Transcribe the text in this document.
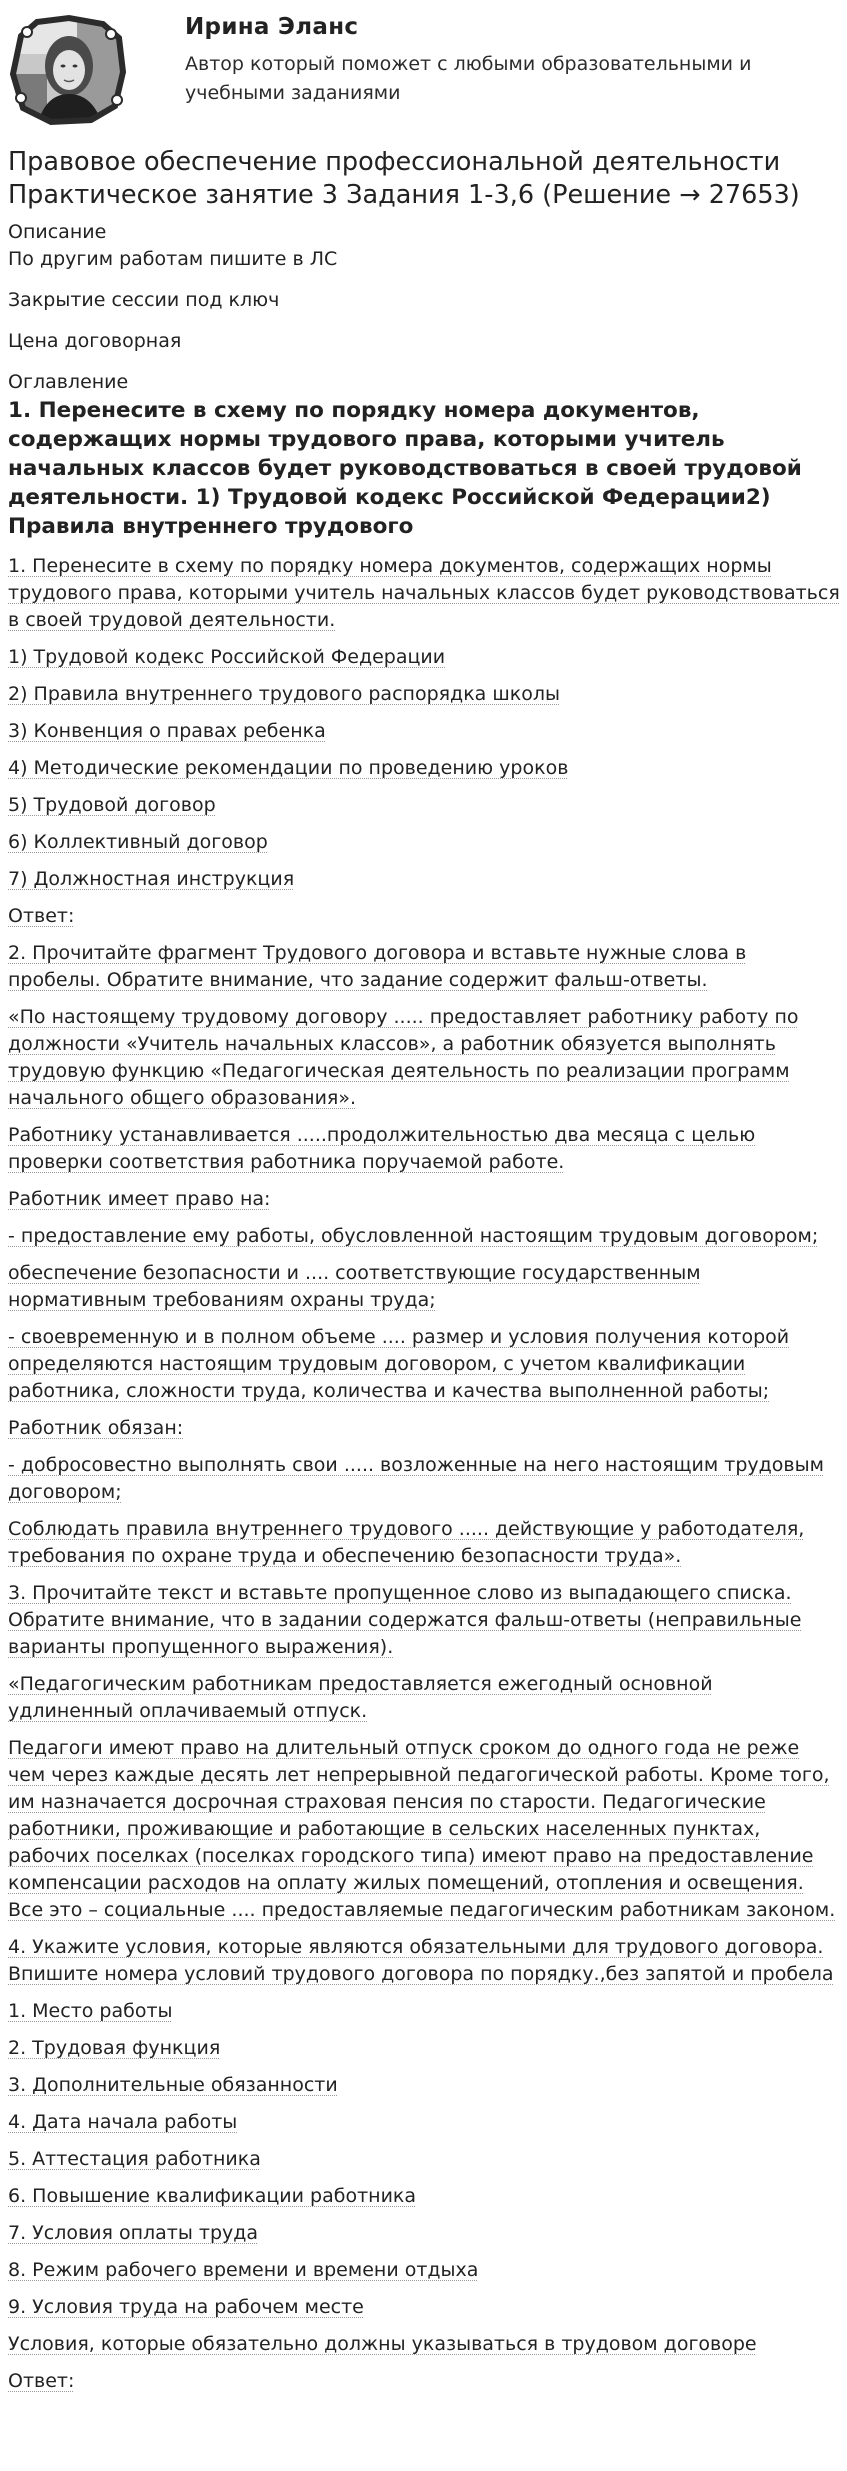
Ирина Эланс
Автор который поможет с любыми образовательными и учебными заданиями
Правовое обеспечение профессиональной деятельности Практическое занятие 3 Задания 1-3,6 (Решение → 27653)
Описание
По другим работам пишите в ЛС
Закрытие сессии под ключ
Цена договорная
Оглавление
1. Перенесите в схему по порядку номера документов, содержащих нормы трудового права, которыми учитель начальных классов будет руководствоваться в своей трудовой деятельности. 1) Трудовой кодекс Российской Федерации2) Правила внутреннего трудового
1. Перенесите в схему по порядку номера документов, содержащих нормы трудового права, которыми учитель начальных классов будет руководствоваться в своей трудовой деятельности.
1) Трудовой кодекс Российской Федерации
2) Правила внутреннего трудового распорядка школы
3) Конвенция о правах ребенка
4) Методические рекомендации по проведению уроков
5) Трудовой договор
6) Коллективный договор
7) Должностная инструкция
Ответ:
2. Прочитайте фрагмент Трудового договора и вставьте нужные слова в пробелы. Обратите внимание, что задание содержит фальш-ответы.
«По настоящему трудовому договору ..... предоставляет работнику работу по должности «Учитель начальных классов», а работник обязуется выполнять трудовую функцию «Педагогическая деятельность по реализации программ начального общего образования».
Работнику устанавливается .....продолжительностью два месяца с целью проверки соответствия работника поручаемой работе.
Работник имеет право на:
- предоставление ему работы, обусловленной настоящим трудовым договором;
обеспечение безопасности и .... соответствующие государственным нормативным требованиям охраны труда;
- своевременную и в полном объеме .... размер и условия получения которой определяются настоящим трудовым договором, с учетом квалификации работника, сложности труда, количества и качества выполненной работы;
Работник обязан:
- добросовестно выполнять свои ..... возложенные на него настоящим трудовым договором;
Соблюдать правила внутреннего трудового ..... действующие у работодателя, требования по охране труда и обеспечению безопасности труда».
3. Прочитайте текст и вставьте пропущенное слово из выпадающего списка. Обратите внимание, что в задании содержатся фальш-ответы (неправильные варианты пропущенного выражения).
«Педагогическим работникам предоставляется ежегодный основной удлиненный оплачиваемый отпуск.
Педагоги имеют право на длительный отпуск сроком до одного года не реже чем через каждые десять лет непрерывной педагогической работы. Кроме того, им назначается досрочная страховая пенсия по старости. Педагогические работники, проживающие и работающие в сельских населенных пунктах, рабочих поселках (поселках городского типа) имеют право на предоставление компенсации расходов на оплату жилых помещений, отопления и освещения. Все это – социальные .... предоставляемые педагогическим работникам законом.
4. Укажите условия, которые являются обязательными для трудового договора. Впишите номера условий трудового договора по порядку.,без запятой и пробела
1. Место работы
2. Трудовая функция
3. Дополнительные обязанности
4. Дата начала работы
5. Аттестация работника
6. Повышение квалификации работника
7. Условия оплаты труда
8. Режим рабочего времени и времени отдыха
9. Условия труда на рабочем месте
Условия, которые обязательно должны указываться в трудовом договоре
Ответ:
